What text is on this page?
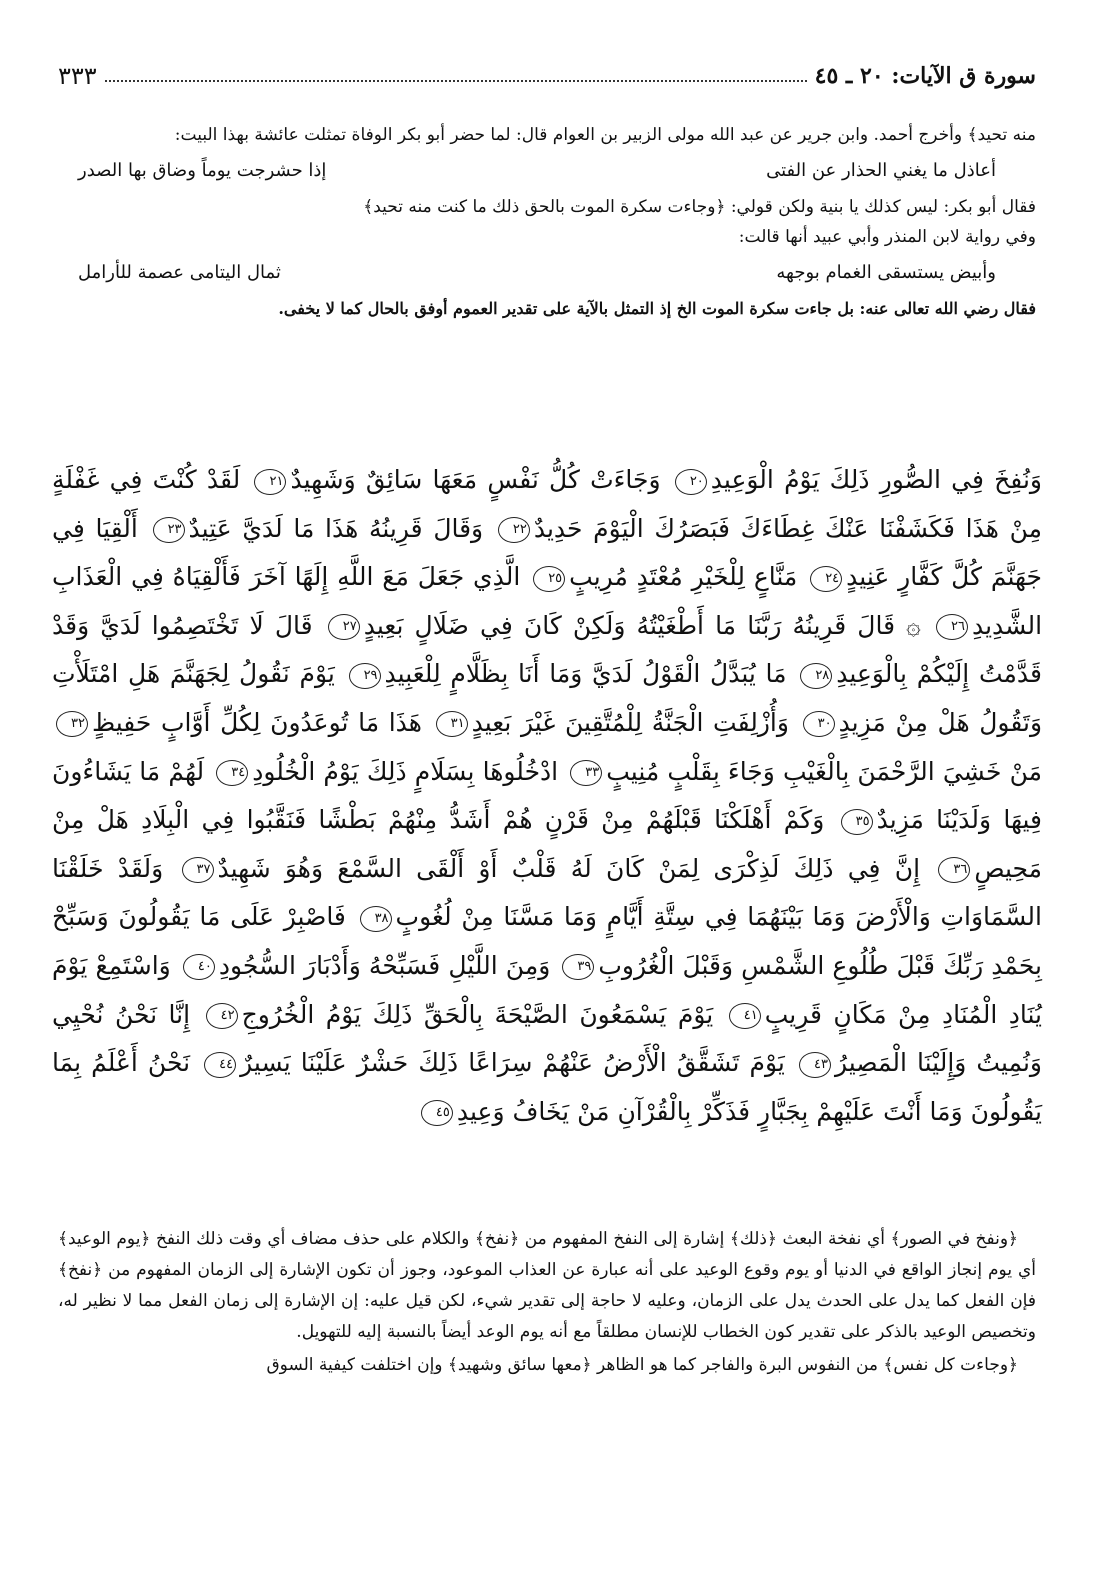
سورة ق الآيات: ٢٠ ـ ٤٥
٣٣٣

منه تحيد﴾ وأخرج أحمد. وابن جرير عن عبد الله مولى الزبير بن العوام قال: لما حضر أبو بكر الوفاة تمثلت عائشة بهذا البيت:

أعاذل ما يغني الحذار عن الفتى
إذا حشرجت يوماً وضاق بها الصدر

فقال أبو بكر: ليس كذلك يا بنية ولكن قولي: ﴿وجاءت سكرة الموت بالحق ذلك ما كنت منه تحيد﴾

وفي رواية لابن المنذر وأبي عبيد أنها قالت:

وأبيض يستسقى الغمام بوجهه
ثمال اليتامى عصمة للأرامل

فقال رضي الله تعالى عنه: بل جاءت سكرة الموت الخ إذ التمثل بالآية على تقدير العموم أوفق بالحال كما لا يخفى.

وَنُفِخَ فِي الصُّورِ ذَلِكَ يَوْمُ الْوَعِيدِ٢٠ وَجَاءَتْ كُلُّ نَفْسٍ مَعَهَا سَائِقٌ وَشَهِيدٌ٢١ لَقَدْ كُنْتَ فِي غَفْلَةٍ مِنْ هَذَا فَكَشَفْنَا عَنْكَ غِطَاءَكَ فَبَصَرُكَ الْيَوْمَ حَدِيدٌ٢٢ وَقَالَ قَرِينُهُ هَذَا مَا لَدَيَّ عَتِيدٌ٢٣ أَلْقِيَا فِي جَهَنَّمَ كُلَّ كَفَّارٍ عَنِيدٍ٢٤ مَنَّاعٍ لِلْخَيْرِ مُعْتَدٍ مُرِيبٍ٢٥ الَّذِي جَعَلَ مَعَ اللَّهِ إِلَهًا آخَرَ فَأَلْقِيَاهُ فِي الْعَذَابِ الشَّدِيدِ٢٦ ۞ قَالَ قَرِينُهُ رَبَّنَا مَا أَطْغَيْتُهُ وَلَكِنْ كَانَ فِي ضَلَالٍ بَعِيدٍ٢٧ قَالَ لَا تَخْتَصِمُوا لَدَيَّ وَقَدْ قَدَّمْتُ إِلَيْكُمْ بِالْوَعِيدِ٢٨ مَا يُبَدَّلُ الْقَوْلُ لَدَيَّ وَمَا أَنَا بِظَلَّامٍ لِلْعَبِيدِ٢٩ يَوْمَ نَقُولُ لِجَهَنَّمَ هَلِ امْتَلَأْتِ وَتَقُولُ هَلْ مِنْ مَزِيدٍ٣٠ وَأُزْلِفَتِ الْجَنَّةُ لِلْمُتَّقِينَ غَيْرَ بَعِيدٍ٣١ هَذَا مَا تُوعَدُونَ لِكُلِّ أَوَّابٍ حَفِيظٍ٣٢ مَنْ خَشِيَ الرَّحْمَنَ بِالْغَيْبِ وَجَاءَ بِقَلْبٍ مُنِيبٍ٣٣ ادْخُلُوهَا بِسَلَامٍ ذَلِكَ يَوْمُ الْخُلُودِ٣٤ لَهُمْ مَا يَشَاءُونَ فِيهَا وَلَدَيْنَا مَزِيدٌ٣٥ وَكَمْ أَهْلَكْنَا قَبْلَهُمْ مِنْ قَرْنٍ هُمْ أَشَدُّ مِنْهُمْ بَطْشًا فَنَقَّبُوا فِي الْبِلَادِ هَلْ مِنْ مَحِيصٍ٣٦ إِنَّ فِي ذَلِكَ لَذِكْرَى لِمَنْ كَانَ لَهُ قَلْبٌ أَوْ أَلْقَى السَّمْعَ وَهُوَ شَهِيدٌ٣٧ وَلَقَدْ خَلَقْنَا السَّمَاوَاتِ وَالْأَرْضَ وَمَا بَيْنَهُمَا فِي سِتَّةِ أَيَّامٍ وَمَا مَسَّنَا مِنْ لُغُوبٍ٣٨ فَاصْبِرْ عَلَى مَا يَقُولُونَ وَسَبِّحْ بِحَمْدِ رَبِّكَ قَبْلَ طُلُوعِ الشَّمْسِ وَقَبْلَ الْغُرُوبِ٣٩ وَمِنَ اللَّيْلِ فَسَبِّحْهُ وَأَدْبَارَ السُّجُودِ٤٠ وَاسْتَمِعْ يَوْمَ يُنَادِ الْمُنَادِ مِنْ مَكَانٍ قَرِيبٍ٤١ يَوْمَ يَسْمَعُونَ الصَّيْحَةَ بِالْحَقِّ ذَلِكَ يَوْمُ الْخُرُوجِ٤٢ إِنَّا نَحْنُ نُحْيِي وَنُمِيتُ وَإِلَيْنَا الْمَصِيرُ٤٣ يَوْمَ تَشَقَّقُ الْأَرْضُ عَنْهُمْ سِرَاعًا ذَلِكَ حَشْرٌ عَلَيْنَا يَسِيرٌ٤٤ نَحْنُ أَعْلَمُ بِمَا يَقُولُونَ وَمَا أَنْتَ عَلَيْهِمْ بِجَبَّارٍ فَذَكِّرْ بِالْقُرْآنِ مَنْ يَخَافُ وَعِيدِ٤٥

﴿ونفخ في الصور﴾ أي نفخة البعث ﴿ذلك﴾ إشارة إلى النفخ المفهوم من ﴿نفخ﴾ والكلام على حذف مضاف أي وقت ذلك النفخ ﴿يوم الوعيد﴾ أي يوم إنجاز الواقع في الدنيا أو يوم وقوع الوعيد على أنه عبارة عن العذاب الموعود، وجوز أن تكون الإشارة إلى الزمان المفهوم من ﴿نفخ﴾ فإن الفعل كما يدل على الحدث يدل على الزمان، وعليه لا حاجة إلى تقدير شيء، لكن قيل عليه: إن الإشارة إلى زمان الفعل مما لا نظير له، وتخصيص الوعيد بالذكر على تقدير كون الخطاب للإنسان مطلقاً مع أنه يوم الوعد أيضاً بالنسبة إليه للتهويل.

﴿وجاءت كل نفس﴾ من النفوس البرة والفاجر كما هو الظاهر ﴿معها سائق وشهيد﴾ وإن اختلفت كيفية السوق
